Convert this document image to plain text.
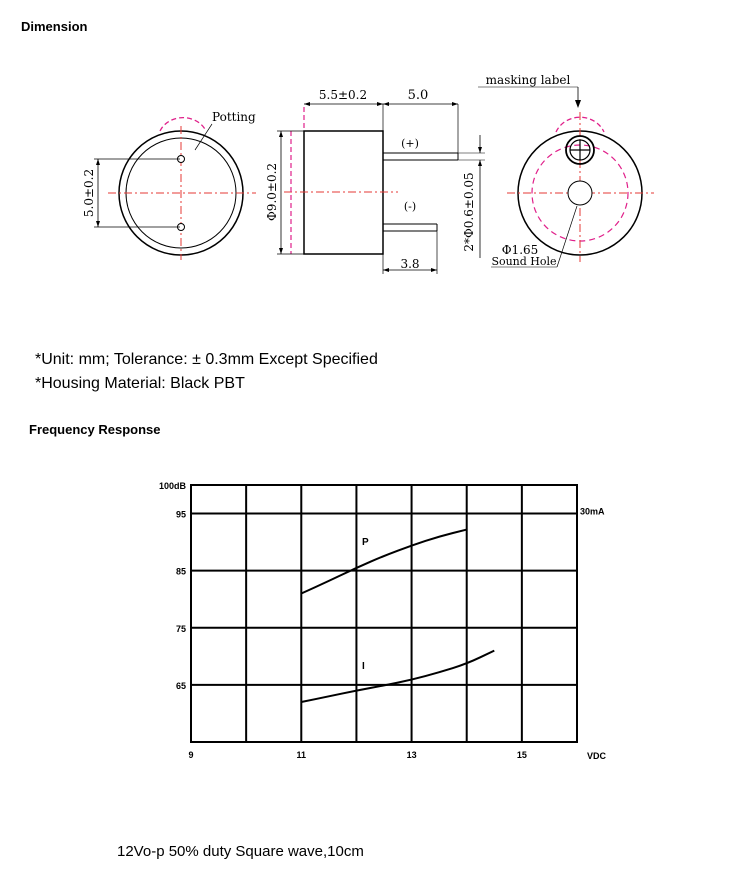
Dimension
5.0±0.2
Potting
5.5±0.2	5.0
Φ9.0±0.2	2*Φ0.6±0.05
(+)
(-)
3.8
masking label
Φ1.65
Sound Hole
*Unit: mm; Tolerance: ± 0.3mm Except Specified
*Housing Material: Black PBT
Frequency Response
100dB
95
85
75
65
9	11	13	15	VDC
30mA
P
I
12Vo-p 50% duty Square wave,10cm
